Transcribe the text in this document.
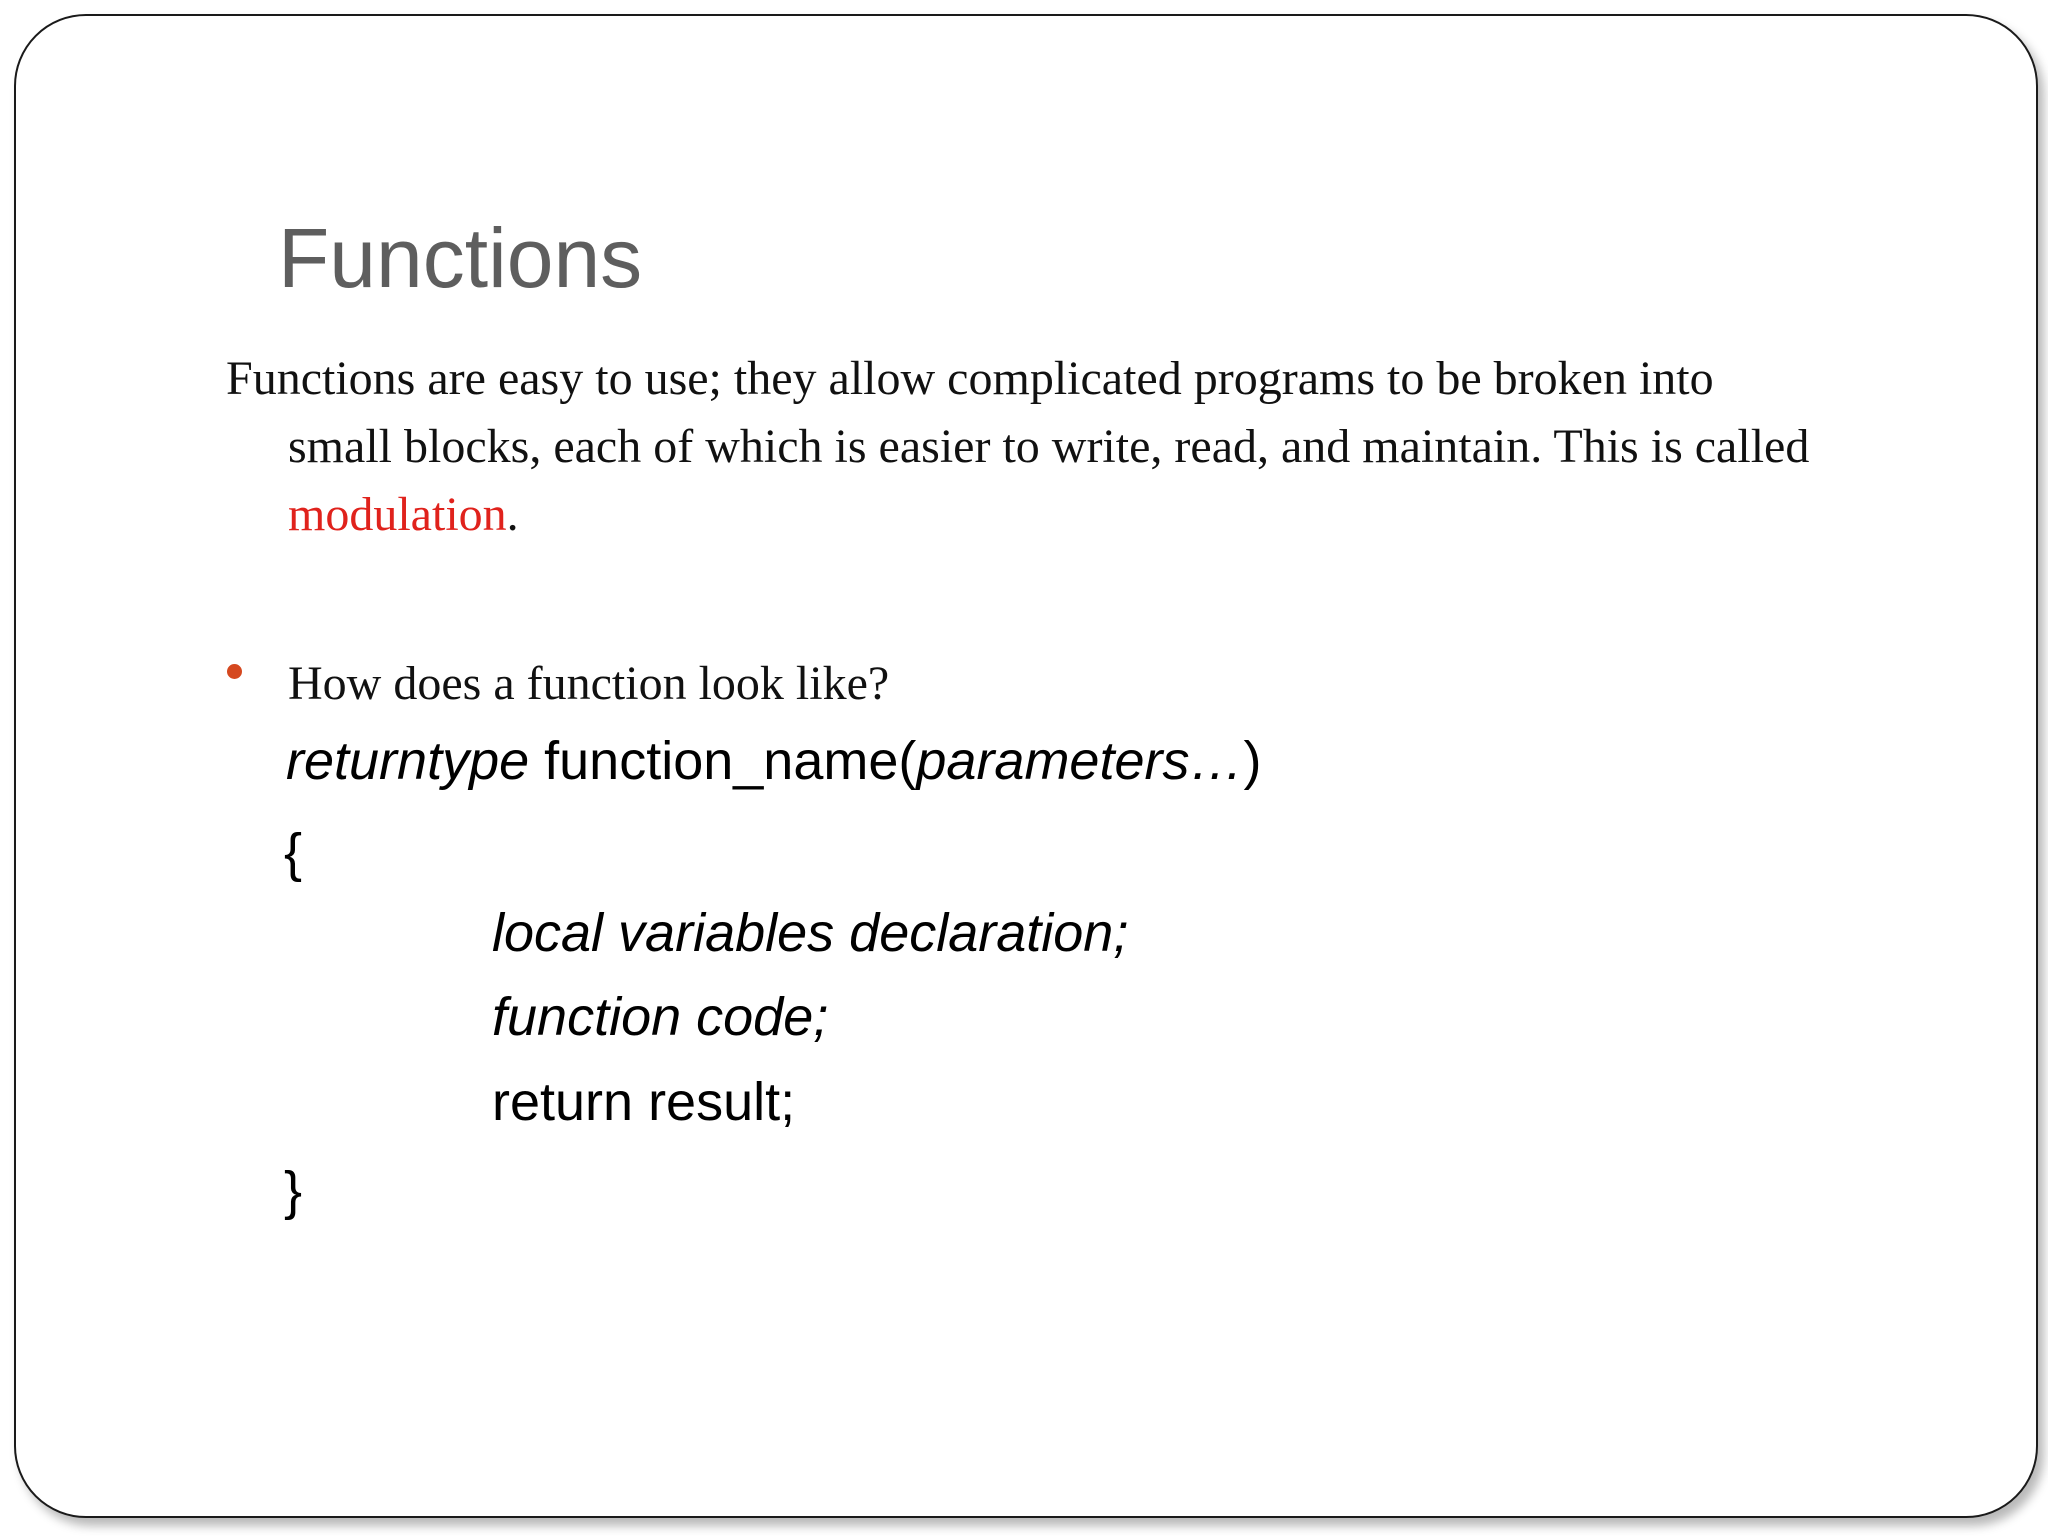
Functions
Functions are easy to use; they allow complicated programs to be broken into
small blocks, each of which is easier to write, read, and maintain. This is called
modulation.
How does a function look like?
returntype function_name(parameters…)
{
local variables declaration;
function code;
return result;
}
